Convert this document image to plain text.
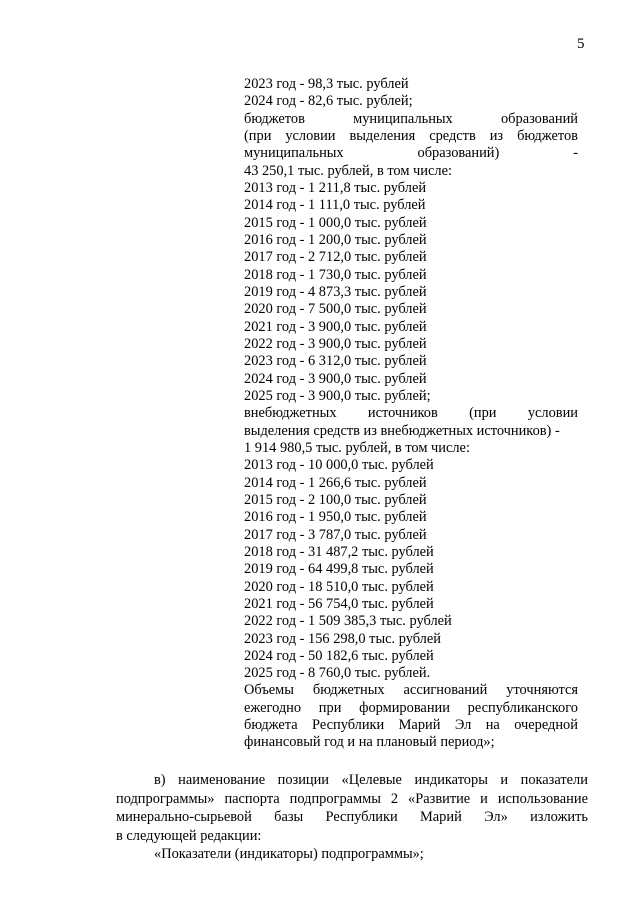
5
2023 год - 98,3 тыс. рублей
2024 год - 82,6 тыс. рублей;
бюджетов	муниципальных	образований
(при условии выделения средств из бюджетов
муниципальных	образований)	-
43 250,1 тыс. рублей, в том числе:
2013 год - 1 211,8 тыс. рублей
2014 год - 1 111,0 тыс. рублей
2015 год - 1 000,0 тыс. рублей
2016 год - 1 200,0 тыс. рублей
2017 год - 2 712,0 тыс. рублей
2018 год - 1 730,0 тыс. рублей
2019 год - 4 873,3 тыс. рублей
2020 год - 7 500,0 тыс. рублей
2021 год - 3 900,0 тыс. рублей
2022 год - 3 900,0 тыс. рублей
2023 год - 6 312,0 тыс. рублей
2024 год - 3 900,0 тыс. рублей
2025 год - 3 900,0 тыс. рублей;
внебюджетных источников (при условии
выделения средств из внебюджетных источников) -
1 914 980,5 тыс. рублей, в том числе:
2013 год - 10 000,0 тыс. рублей
2014 год - 1 266,6 тыс. рублей
2015 год - 2 100,0 тыс. рублей
2016 год - 1 950,0 тыс. рублей
2017 год - 3 787,0 тыс. рублей
2018 год - 31 487,2 тыс. рублей
2019 год - 64 499,8 тыс. рублей
2020 год - 18 510,0 тыс. рублей
2021 год - 56 754,0 тыс. рублей
2022 год - 1 509 385,3 тыс. рублей
2023 год - 156 298,0 тыс. рублей
2024 год - 50 182,6 тыс. рублей
2025 год - 8 760,0 тыс. рублей.
Объемы бюджетных ассигнований уточняются
ежегодно при формировании республиканского
бюджета Республики Марий Эл на очередной
финансовый год и на плановый период»;
в) наименование позиции «Целевые индикаторы и показатели
подпрограммы» паспорта подпрограммы 2 «Развитие и использование
минерально-сырьевой базы Республики Марий Эл» изложить
в следующей редакции:
«Показатели (индикаторы) подпрограммы»;
